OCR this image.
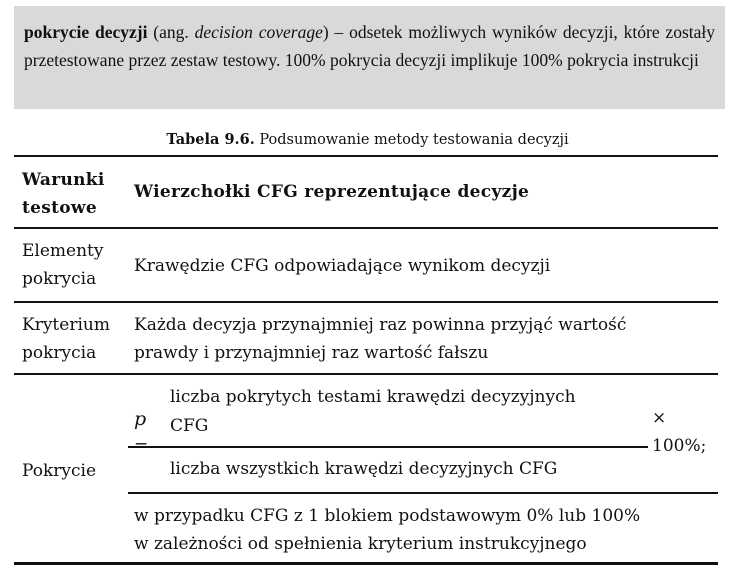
pokrycie decyzji (ang. decision coverage) – odsetek możliwych wyników decyzji, które zostały przetestowane przez zestaw testowy. 100% pokrycia decyzji implikuje 100% pokrycia instrukcji
Tabela 9.6. Podsumowanie metody testowania decyzji
Warunki
testowe
Wierzchołki CFG reprezentujące decyzje
Elementy
pokrycia
Krawędzie CFG odpowiadające wynikom decyzji
Kryterium
pokrycia
Każda decyzja przynajmniej raz powinna przyjąć wartość
prawdy i przynajmniej raz wartość fałszu
Pokrycie
p
liczba pokrytych testami krawędzi decyzyjnych
CFG
liczba wszystkich krawędzi decyzyjnych CFG
×
100%;
w przypadku CFG z 1 blokiem podstawowym 0% lub 100%
w zależności od spełnienia kryterium instrukcyjnego
